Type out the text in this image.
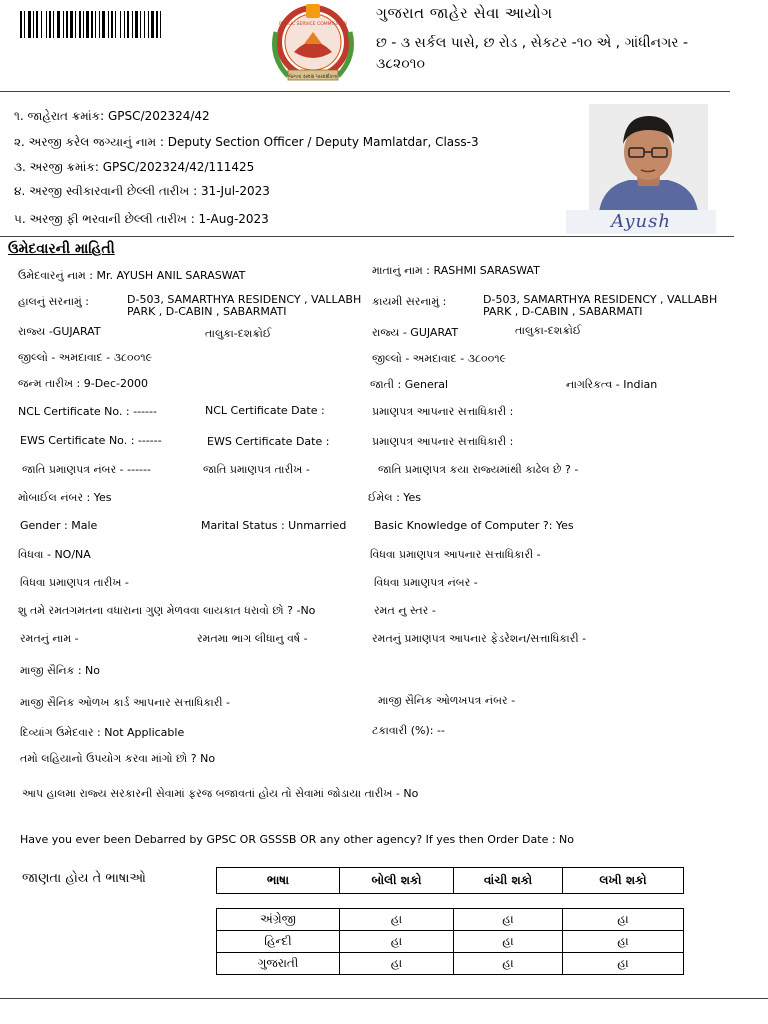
જનતા સમક્ષ પારદર્શકતા
PUBLIC SERVICE COMMISSION
ગુજરાત જાહેર સેવા આયોગ
છ - ૩ સર્કલ પાસે, છ રોડ , સેકટર -૧૦ એ , ગાંધીનગર -
૩૮૨૦૧૦
૧. જાહેરાત ક્રમાંક: GPSC/202324/42
૨. અરજી કરેલ જગ્યાનું નામ : Deputy Section Officer / Deputy Mamlatdar, Class-3
૩. અરજી ક્રમાંક: GPSC/202324/42/111425
૪. અરજી સ્વીકારવાની છેલ્લી તારીખ : 31-Jul-2023
૫. અરજી ફી ભરવાની છેલ્લી તારીખ : 1-Aug-2023	Ayush
ઉમેદવારની માહિતી
ઉમેદવારનું નામ : Mr. AYUSH ANIL SARASWAT	માતાનું નામ : RASHMI SARASWAT
હાલનું સરનામું :	D-503, SAMARTHYA RESIDENCY , VALLABH
PARK , D-CABIN , SABARMATI
કાયમી સરનામું :	D-503, SAMARTHYA RESIDENCY , VALLABH
PARK , D-CABIN , SABARMATI
રાજ્ય -GUJARAT	તાલુકા-દશક્રોઈ	રાજ્ય - GUJARAT	તાલુકા-દશક્રોઈ
જીલ્લો - અમદાવાદ - ૩૮૦૦૧૯	જીલ્લો - અમદાવાદ - ૩૮૦૦૧૯
જન્મ તારીખ : 9-Dec-2000	જાતી : General	નાગરિકત્વ - Indian
NCL Certificate No. : ------	NCL Certificate Date :	પ્રમાણપત્ર આપનાર સત્તાધિકારી :
EWS Certificate No. : ------	EWS Certificate Date :	પ્રમાણપત્ર આપનાર સત્તાધિકારી :
જાતિ પ્રમાણપત્ર નંબર - ------	જાતિ પ્રમાણપત્ર તારીખ -	જાતિ પ્રમાણપત્ર કયા રાજ્યમાંથી કાઢેલ છે ? -
મોબાઈલ નંબર : Yes	ઈમેલ : Yes
Gender : Male	Marital Status : Unmarried	Basic Knowledge of Computer ?: Yes
વિધવા - NO/NA	વિધવા પ્રમાણપત્ર આપનાર સત્તાધિકારી -
વિધવા પ્રમાણપત્ર તારીખ -	વિધવા પ્રમાણપત્ર નંબર -
શુ તમે રમતગમતના વધારાના ગુણ મેળવવા લાયકાત ધરાવો છો ? -No	રમત નુ સ્તર -
રમતનું નામ -	રમતમા ભાગ લીધાનુ વર્ષ -	રમતનું પ્રમાણપત્ર આપનાર ફેડરેશન/સત્તાધિકારી -
માજી સૈનિક : No
માજી સૈનિક ઓળખ કાર્ડ આપનાર સત્તાધિકારી -	માજી સૈનિક ઓળખપત્ર નંબર -
દિવ્યાંગ ઉમેદવાર : Not Applicable	ટકાવારી (%): --
તમો લહિયાનો ઉપયોગ કરવા માંગો છો ? No
આપ હાલમા રાજ્ય સરકારની સેવામાં ફરજ બજાવતાં હોય તો સેવામાં જોડાયા તારીખ - No
Have you ever been Debarred by GPSC OR GSSSB OR any other agency? If yes then Order Date : No
જાણતા હોય તે ભાષાઓ	ભાષા	બોલી શકો	વાંચી શકો	લખી શકો
અંગ્રેજી	હા	હા	હા
હિન્દી	હા	હા	હા
ગુજરાતી	હા	હા	હા
